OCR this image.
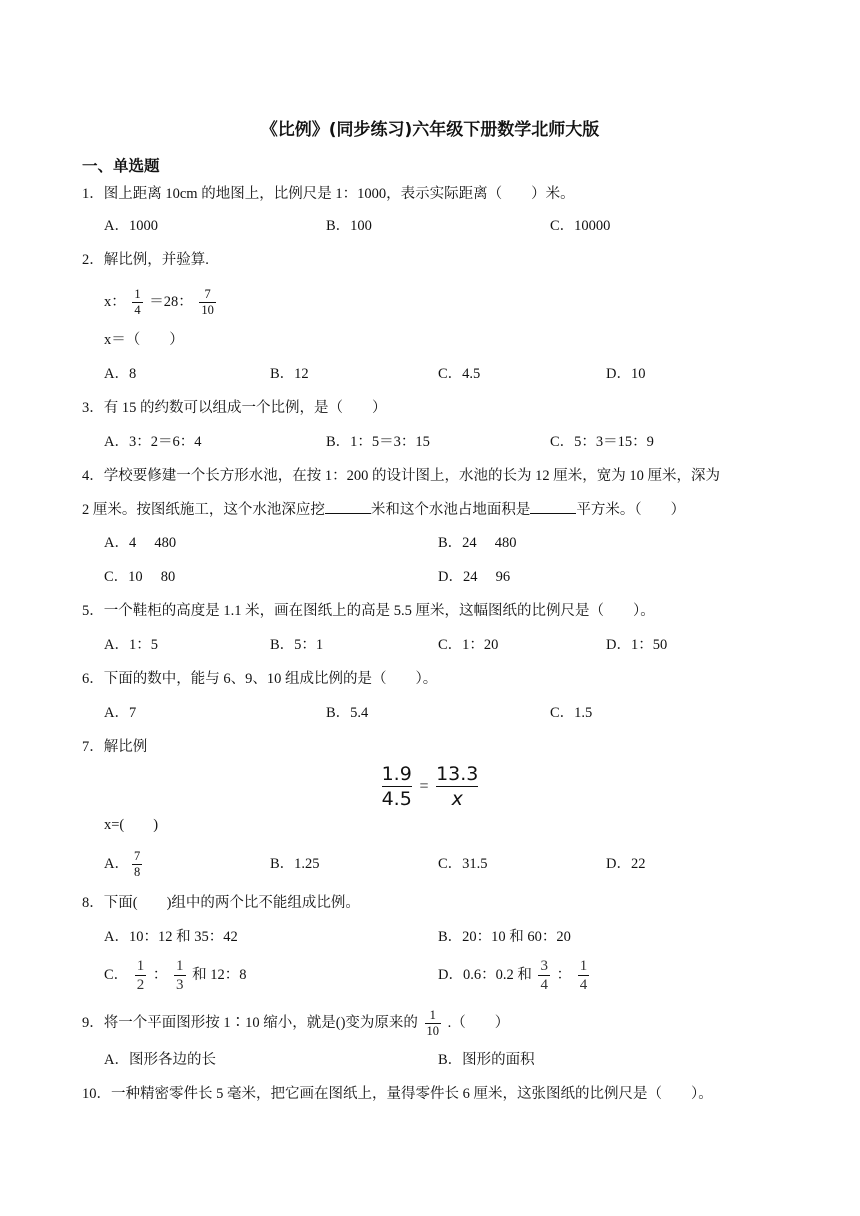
《比例》(同步练习)六年级下册数学北师大版
一、单选题
1．图上距离 10cm 的地图上，比例尺是 1：1000，表示实际距离（　　）米。
A．1000	B．100	C．10000
2．解比例，并验算.
x： $\frac{1}{4} =28$： $\frac{7}{10}$
x＝（　　）
A．8	B．12	C．4.5	D．10
3．有 15 的约数可以组成一个比例，是（　　）
A．3：2＝6：4	B．1：5＝3：15	C．5：3＝15：9
4．学校要修建一个长方形水池，在按 1：200 的设计图上，水池的长为 12 厘米，宽为 10 厘米，深为
2 厘米。按图纸施工，这个水池深应挖	米和这个水池占地面积是	平方米。（　　）
A．4　 480	B．24　 480
C．10　 80	D．24　 96
5．一个鞋柜的高度是 1.1 米，画在图纸上的高是 5.5 厘米，这幅图纸的比例尺是（　　）。
A．1：5	B．5：1	C．1：20	D．1：50
6．下面的数中，能与 6、9、10 组成比例的是（　　）。
A．7	B．5.4	C．1.5
7．解比例
$\frac{1.9}{4.5} = \frac{13.3}{x}$
x=(　　)
A． $\frac{7}{8}$	B．1.25	C．31.5	D．22
8．下面(　　)组中的两个比不能组成比例。
A．10：12 和 35：42	B．20：10 和 60：20
C． $\frac{1}{2}$ ： $\frac{1}{3}$ 和 12：8	D．0.6：0.2 和 $\frac{3}{4}$ ： $\frac{1}{4}$
9．将一个平面图形按 1∶10 缩小，就是()变为原来的 $\frac{1}{10}$ .（　　）
A．图形各边的长	B．图形的面积
10．一种精密零件长 5 毫米，把它画在图纸上，量得零件长 6 厘米，这张图纸的比例尺是（　　）。
